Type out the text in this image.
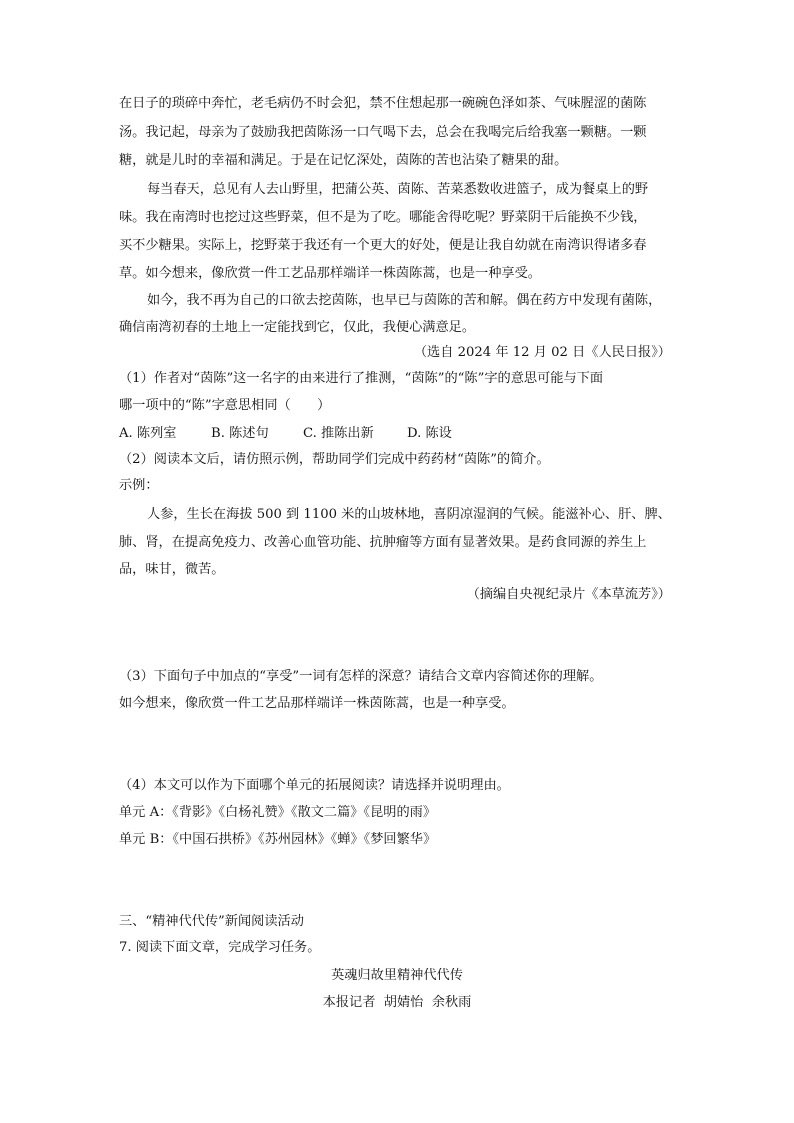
在日子的琐碎中奔忙，老毛病仍不时会犯，禁不住想起那一碗碗色泽如茶、气味腥涩的菌陈
汤。我记起，母亲为了鼓励我把茵陈汤一口气喝下去，总会在我喝完后给我塞一颗糖。一颗
糖，就是儿时的幸福和满足。于是在记忆深处，茵陈的苦也沾染了糖果的甜。
每当春天，总见有人去山野里，把蒲公英、茵陈、苦菜悉数收进篮子，成为餐桌上的野
味。我在南湾时也挖过这些野菜，但不是为了吃。哪能舍得吃呢？野菜阴干后能换不少钱，
买不少糖果。实际上，挖野菜于我还有一个更大的好处，便是让我自幼就在南湾识得诸多春
草。如今想来，像欣赏一件工艺品那样端详一株茵陈蒿，也是一种享受。
如今，我不再为自己的口欲去挖茵陈，也早已与茵陈的苦和解。偶在药方中发现有菌陈，
确信南湾初春的土地上一定能找到它，仅此，我便心满意足。
（选自 2024 年 12 月 02 日《人民日报》）
（1）作者对“茵陈”这一名字的由来进行了推测，“茵陈”的“陈”字的意思可能与下面
哪一项中的“陈”字意思相同（　　）
A. 陈列室	B. 陈述句	C. 推陈出新	D. 陈设
（2）阅读本文后，请仿照示例，帮助同学们完成中药药材“茵陈”的简介。
示例：
人参，生长在海拔 500 到 1100 米的山坡林地，喜阴凉湿润的气候。能滋补心、肝、脾、
肺、肾，在提高免疫力、改善心血管功能、抗肿瘤等方面有显著效果。是药食同源的养生上
品，味甘，微苦。
（摘编自央视纪录片《本草流芳》）
（3）下面句子中加点的“享受”一词有怎样的深意？请结合文章内容简述你的理解。
如今想来，像欣赏一件工艺品那样端详一株茵陈蒿，也是一种享受。
（4）本文可以作为下面哪个单元的拓展阅读？请选择并说明理由。
单元 A：《背影》《白杨礼赞》《散文二篇》《昆明的雨》
单元 B：《中国石拱桥》《苏州园林》《蝉》《梦回繁华》
三、“精神代代传”新闻阅读活动
7. 阅读下面文章，完成学习任务。
英魂归故里精神代代传
本报记者  胡婧怡  余秋雨
